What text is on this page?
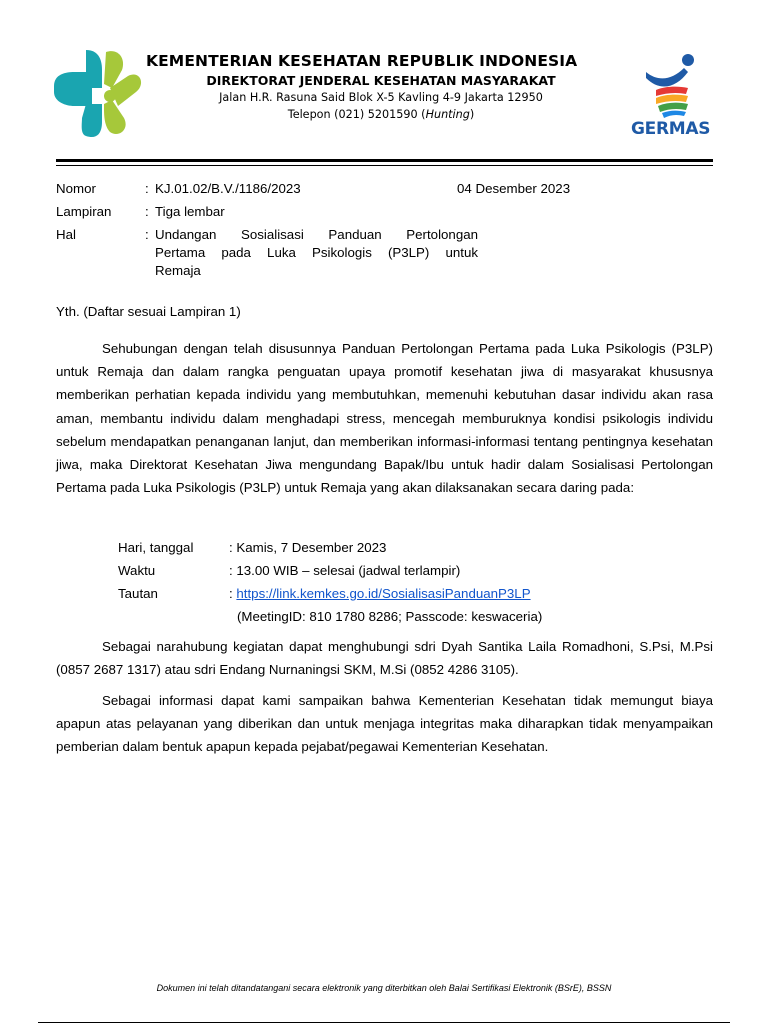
KEMENTERIAN KESEHATAN REPUBLIK INDONESIA
DIREKTORAT JENDERAL KESEHATAN MASYARAKAT
Jalan H.R. Rasuna Said Blok X-5 Kavling 4-9 Jakarta 12950
Telepon (021) 5201590 (Hunting)
GERMAS
Nomor	: KJ.01.02/B.V./1186/2023	04 Desember 2023
Lampiran	: Tiga lembar
Hal	: Undangan Sosialisasi Panduan Pertolongan
Pertama pada Luka Psikologis (P3LP) untuk
Remaja
Yth. (Daftar sesuai Lampiran 1)
Sehubungan dengan telah disusunnya Panduan Pertolongan Pertama pada Luka Psikologis (P3LP) untuk Remaja dan dalam rangka penguatan upaya promotif kesehatan jiwa di masyarakat khususnya memberikan perhatian kepada individu yang membutuhkan, memenuhi kebutuhan dasar individu akan rasa aman, membantu individu dalam menghadapi stress, mencegah memburuknya kondisi psikologis individu sebelum mendapatkan penanganan lanjut, dan memberikan informasi-informasi tentang pentingnya kesehatan jiwa, maka Direktorat Kesehatan Jiwa mengundang Bapak/Ibu untuk hadir dalam Sosialisasi Pertolongan Pertama pada Luka Psikologis (P3LP) untuk Remaja yang akan dilaksanakan secara daring pada:
Hari, tanggal	: Kamis, 7 Desember 2023
Waktu	: 13.00 WIB – selesai (jadwal terlampir)
Tautan	: https://link.kemkes.go.id/SosialisasiPanduanP3LP
(MeetingID: 810 1780 8286; Passcode: keswaceria)
Sebagai narahubung kegiatan dapat menghubungi sdri Dyah Santika Laila Romadhoni, S.Psi, M.Psi (0857 2687 1317) atau sdri Endang Nurnaningsi SKM, M.Si (0852 4286 3105).
Sebagai informasi dapat kami sampaikan bahwa Kementerian Kesehatan tidak memungut biaya apapun atas pelayanan yang diberikan dan untuk menjaga integritas maka diharapkan tidak menyampaikan pemberian dalam bentuk apapun kepada pejabat/pegawai Kementerian Kesehatan.
Dokumen ini telah ditandatangani secara elektronik yang diterbitkan oleh Balai Sertifikasi Elektronik (BSrE), BSSN
